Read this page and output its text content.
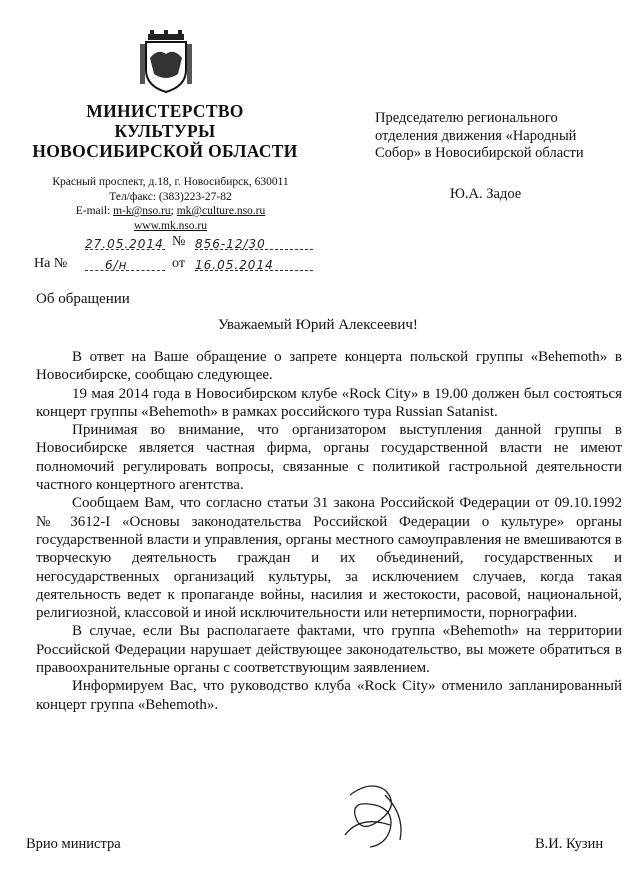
МИНИСТЕРСТВО
КУЛЬТУРЫ
НОВОСИБИРСКОЙ ОБЛАСТИ
Красный проспект, д.18, г. Новосибирск, 630011
Тел/факс: (383)223-27-82
E-mail: m-k@nso.ru; mk@culture.nso.ru
www.mk.nso.ru
27.05.2014 № 856-12/30
На №	6/н	от 16.05.2014
Председателю регионального
отделения движения «Народный
Собор» в Новосибирской области
Ю.А. Задое
Об обращении
Уважаемый Юрий Алексеевич!

В ответ на Ваше обращение о запрете концерта польской группы «Behemoth» в Новосибирске, сообщаю следующее.

19 мая 2014 года в Новосибирском клубе «Rock City» в 19.00 должен был состояться концерт группы «Behemoth» в рамках российского тура Russian Satanist.

Принимая во внимание, что организатором выступления данной группы в Новосибирске является частная фирма, органы государственной власти не имеют полномочий регулировать вопросы, связанные с политикой гастрольной деятельности частного концертного агентства.

Сообщаем Вам, что согласно статьи 31 закона Российской Федерации от 09.10.1992 № 3612-I «Основы законодательства Российской Федерации о культуре» органы государственной власти и управления, органы местного самоуправления не вмешиваются в творческую деятельность граждан и их объединений, государственных и негосударственных организаций культуры, за исключением случаев, когда такая деятельность ведет к пропаганде войны, насилия и жестокости, расовой, национальной, религиозной, классовой и иной исключительности или нетерпимости, порнографии.

В случае, если Вы располагаете фактами, что группа «Behemoth» на территории Российской Федерации нарушает действующее законодательство, вы можете обратиться в правоохранительные органы с соответствующим заявлением.

Информируем Вас, что руководство клуба «Rock City» отменило запланированный концерт группа «Behemoth».

Врио министра	В.И. Кузин
